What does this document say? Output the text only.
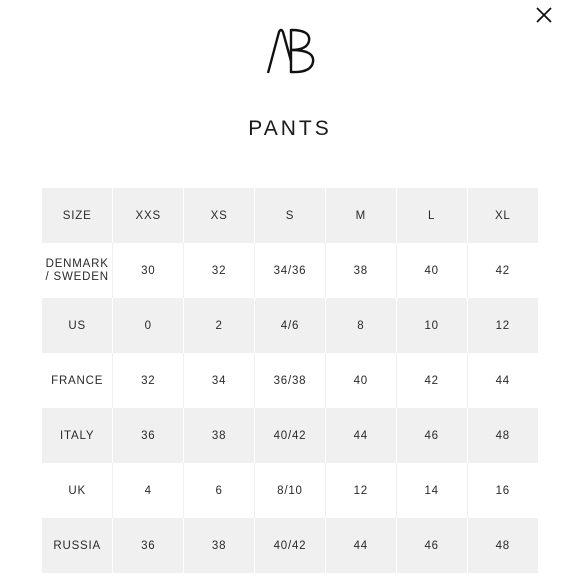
PANTS
SIZE	XXS	XS	S	M	L	XL
DENMARK / SWEDEN	30	32	34/36	38	40	42
US	0	2	4/6	8	10	12
FRANCE	32	34	36/38	40	42	44
ITALY	36	38	40/42	44	46	48
UK	4	6	8/10	12	14	16
RUSSIA	36	38	40/42	44	46	48
